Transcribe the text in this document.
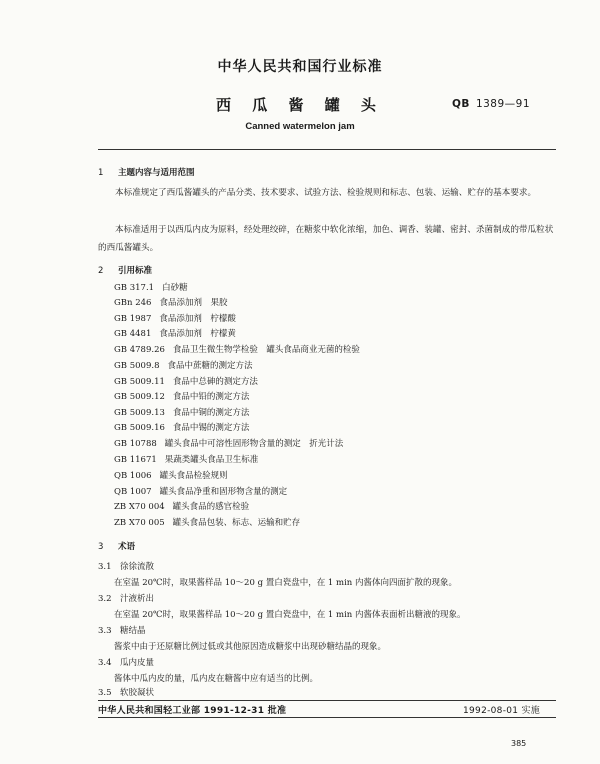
中华人民共和国行业标准
西 瓜 酱 罐 头	QB 1389—91
Canned watermelon jam
1 主题内容与适用范围
本标准规定了西瓜酱罐头的产品分类、技术要求、试验方法、检验规则和标志、包装、运输、贮存的基本要求。
本标准适用于以西瓜内皮为原料，经处理绞碎，在糖浆中软化浓缩，加色、调香、装罐、密封、杀菌制成的带瓜粒状的西瓜酱罐头。
2 引用标准
GB 317.1 白砂糖
GBn 246 食品添加剂　果胶
GB 1987 食品添加剂　柠檬酸
GB 4481 食品添加剂　柠檬黄
GB 4789.26 食品卫生微生物学检验　罐头食品商业无菌的检验
GB 5009.8 食品中蔗糖的测定方法
GB 5009.11 食品中总砷的测定方法
GB 5009.12 食品中铅的测定方法
GB 5009.13 食品中铜的测定方法
GB 5009.16 食品中锡的测定方法
GB 10788 罐头食品中可溶性固形物含量的测定　折光计法
GB 11671 果蔬类罐头食品卫生标准
QB 1006 罐头食品检验规则
QB 1007 罐头食品净重和固形物含量的测定
ZB X70 004 罐头食品的感官检验
ZB X70 005 罐头食品包装、标志、运输和贮存
3 术语
3.1 徐徐流散
在室温 20℃时，取果酱样品 10～20 g 置白瓷盘中，在 1 min 内酱体向四面扩散的现象。
3.2 汁液析出
在室温 20℃时，取果酱样品 10～20 g 置白瓷盘中，在 1 min 内酱体表面析出糖液的现象。
3.3 糖结晶
酱浆中由于还原糖比例过低或其他原因造成糖浆中出现砂糖结晶的现象。
3.4 瓜内皮量
酱体中瓜内皮的量，瓜内皮在糖酱中应有适当的比例。
3.5 软胶凝状
中华人民共和国轻工业部 1991-12-31 批准	1992-08-01 实施
385
